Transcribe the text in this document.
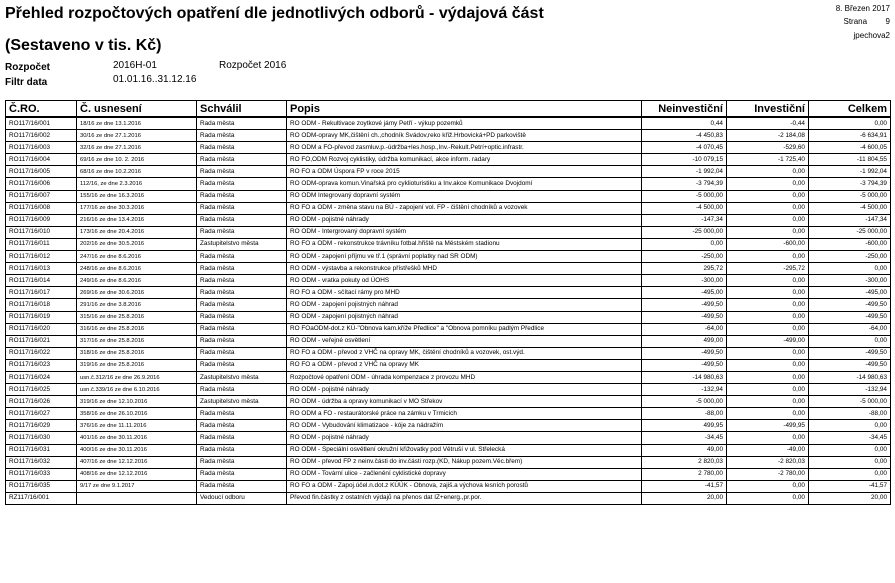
Přehled rozpočtových opatření dle jednotlivých odborů - výdajová část
(Sestaveno v tis. Kč)
8. Březen 2017
Strana 9
jpechova2
Rozpočet	2016H-01	Rozpočet 2016
Filtr data	01.01.16..31.12.16
Č.RO.	Č. usnesení	Schválil	Popis	Neinvestiční	Investiční	Celkem
RO117/16/001	18/16 ze dne 13.1.2016	Rada města	RO ODM - Rekultivace zoytkové jámy Petří - výkup pozemků	0,44	-0,44	0,00
RO117/16/002	30/16 ze dne 27.1.2016	Rada města	RO ODM-opravy MK,čištění ch.,chodník Svádov,reko křiž.Hrbovická+PD parkoviště	-4 450,83	-2 184,08	-6 634,91
RO117/16/003	32/16 ze dne 27.1.2016	Rada města	RO ODM a FO-převod zasmluv.p.-údržba+les.hosp.,Inv.-Rekult.Petrí+optic.infrastr.	-4 070,45	-529,60	-4 600,05
RO117/16/004	69/16 ze dne 10. 2. 2016	Rada města	RO FO,ODM Rozvoj cyklistiky, údržba komunikací, akce inform. radary	-10 079,15	-1 725,40	-11 804,55
RO117/16/005	68/16 ze dne 10.2.2016	Rada města	RO FO a ODM Úspora FP v roce 2015	-1 992,04	0,00	-1 992,04
RO117/16/006	112/16, ze dne 2.3.2016	Rada města	RO ODM-oprava komun.Vinařská pro cyklioturistiku a Inv.akce Komunikace Dvojdomí	-3 794,39	0,00	-3 794,39
RO117/16/007	155/16 ze dne 16.3.2016	Rada města	RO ODM Integrovaný dopravní systém	-5 000,00	0,00	-5 000,00
RO117/16/008	177/16 ze dne 30.3.2016	Rada města	RO FO a ODM - změna stavu na BÚ - zapojení vol. FP - čištění chodníků a vozovek	-4 500,00	0,00	-4 500,00
RO117/16/009	216/16 ze dne 13.4.2016	Rada města	RO ODM - pojistné náhrady	-147,34	0,00	-147,34
RO117/16/010	173/16 ze dne 20.4.2016	Rada města	RO ODM - Intergrovaný dopravní systém	-25 000,00	0,00	-25 000,00
RO117/16/011	202/16 ze dne 30.5.2016	Zastupitelstvo města	RO FO a ODM - rekonstrukce trávníku fotbal.hřiště na Městském stadionu	0,00	-600,00	-600,00
RO117/16/012	247/16 ze dne 8.6.2016	Rada města	RO ODM - zapojení příjmu ve tř.1 (správní poplatky nad SR ODM)	-250,00	0,00	-250,00
RO117/16/013	248/16 ze dne 8.6.2016	Rada města	RO ODM - výstavba a rekonstrukce přístřešků MHD	295,72	-295,72	0,00
RO117/16/014	249/16 ze dne 8.6.2016	Rada města	RO ODM - vratka pokuty od ÚOHS	-300,00	0,00	-300,00
RO117/16/017	269/16 ze dne 30.6.2016	Rada města	RO FO a ODM - sčítací rámy pro MHD	-495,00	0,00	-495,00
RO117/16/018	291/16 ze dne 3.8.2016	Rada města	RO ODM - zapojení pojistných náhrad	-499,50	0,00	-499,50
RO117/16/019	315/16 ze dne 25.8.2016	Rada města	RO ODM - zapojení pojistných náhrad	-499,50	0,00	-499,50
RO117/16/020	316/16 ze dne 25.8.2016	Rada města	RO FOaODM-dot.z KÚ-"Obnova kam.kříže Předlice" a "Obnova pomníku padlým Předlice	-64,00	0,00	-64,00
RO117/16/021	317/16 ze dne 25.8.2016	Rada města	RO ODM - veřejné osvětlení	499,00	-499,00	0,00
RO117/16/022	318/16 ze dne 25.8.2016	Rada města	RO FO a ODM - převod z VHČ na opravy MK, čištění chodníků a vozovek, ost.výd.	-499,50	0,00	-499,50
RO117/16/023	319/16 ze dne 25.8.2016	Rada města	RO FO a ODM - převod z VHČ na opravy MK	-499,50	0,00	-499,50
RO117/16/024	usn.č.312/16 ze dne 26.9.2016	Zastupitelstvo města	Rozpočtové opatření ODM - úhrada kompenzace z provozu MHD	-14 980,63	0,00	-14 980,63
RO117/16/025	usn.č.339/16 ze dne 6.10.2016	Rada města	RO ODM - pojistné náhrady	-132,94	0,00	-132,94
RO117/16/026	319/16 ze dne 12.10.2016	Zastupitelstvo města	RO ODM - údržba a opravy komunikací v MO Střekov	-5 000,00	0,00	-5 000,00
RO117/16/027	358/16 ze dne 26.10.2016	Rada města	RO ODM a FO - restaurátorské práce na zámku v Trmicích	-88,00	0,00	-88,00
RO117/16/029	376/16 ze dne 11.11.2016	Rada města	RO ODM - Vybudování klimatizace - kóje za nádražím	499,95	-499,95	0,00
RO117/16/030	401/16 ze dne 30.11.2016	Rada města	RO ODM - pojistné náhrady	-34,45	0,00	-34,45
RO117/16/031	400/16 ze dne 30.11.2016	Rada města	RO ODM - Speciální osvětlení okružní křižovatky pod Větruší v ul. Střelecká	49,00	-49,00	0,00
RO117/16/032	407/16 ze dne 12.12.2016	Rada města	RO ODM - převod FP z neinv.části do inv.části rozp.(KD, Nákup pozem.Věc.břem)	2 820,03	-2 820,03	0,00
RO117/16/033	408/16 ze dne 12.12.2016	Rada města	RO ODM - Tovární ulice - začlenění cyklistické dopravy	2 780,00	-2 780,00	0,00
RO117/16/035	9/17 ze dne 9.1.2017	Rada města	RO FO a ODM - Zapoj.účel.n.dot.z KÚÚK - Obnova, zajiš.a výchova lesních porostů	-41,57	0,00	-41,57
RZ117/16/001		Vedoucí odboru	Převod fin.částky z ostatních výdajů na přenos dat IZ+energ.,pr.por.	20,00	0,00	20,00
